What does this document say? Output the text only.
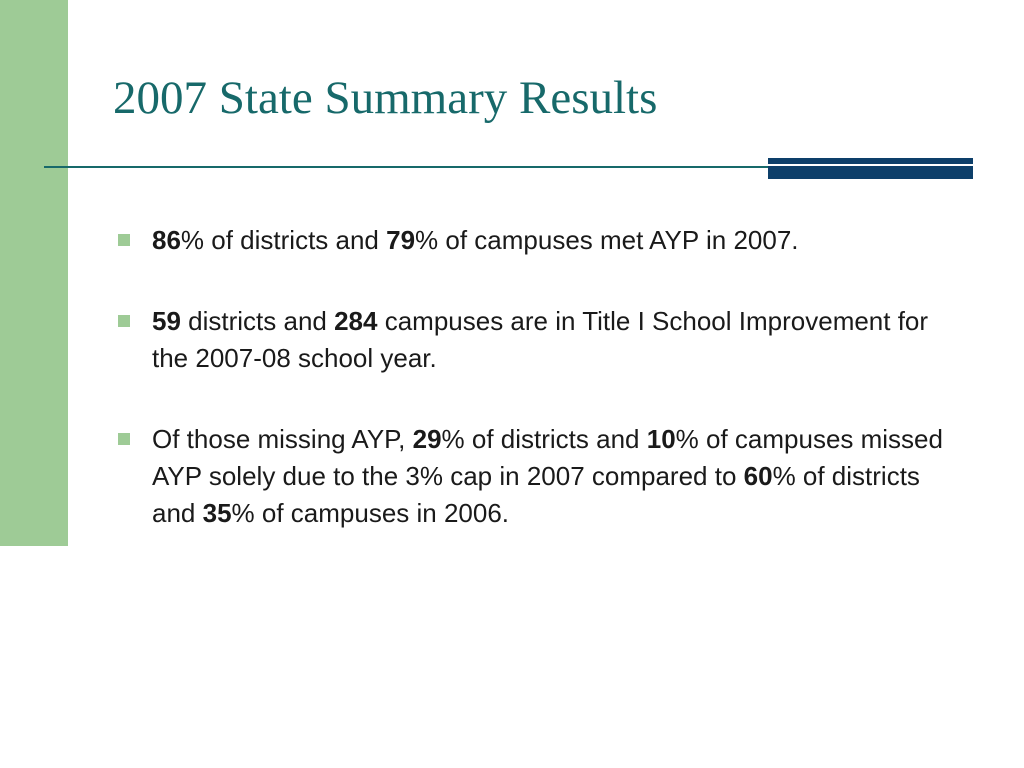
2007 State Summary Results
86% of districts and 79% of campuses met AYP in 2007.
59 districts and 284 campuses are in Title I School Improvement for the 2007-08 school year.
Of those missing AYP, 29% of districts and 10% of campuses missed AYP solely due to the 3% cap in 2007 compared to 60% of districts and 35% of campuses in 2006.
